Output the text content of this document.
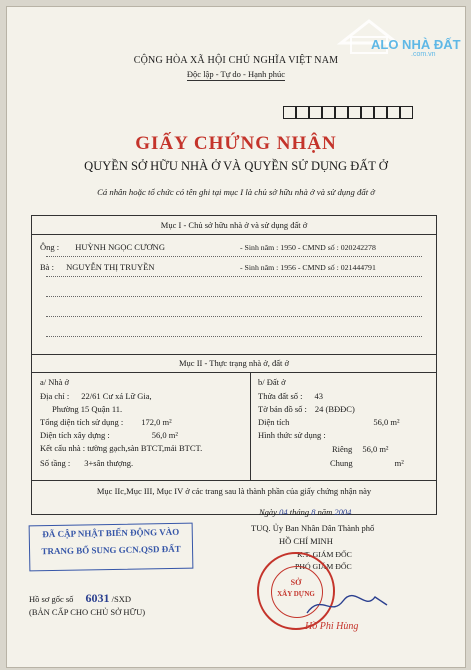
ALO NHÀ ĐẤT
.com.vn
CỘNG HÒA XÃ HỘI CHỦ NGHĨA VIỆT NAM
Độc lập - Tự do - Hạnh phúc
GIẤY CHỨNG NHẬN
QUYỀN SỞ HỮU NHÀ Ở VÀ QUYỀN SỬ DỤNG ĐẤT Ở
Cá nhân hoặc tổ chức có tên ghi tại mục I là chủ sở hữu nhà ở và sử dụng đất ở
Mục I - Chủ sở hữu nhà ở và sử dụng đất ở
Ông : HUỲNH NGỌC CƯƠNG	- Sinh năm : 1950 - CMND số : 020242278
Bà : NGUYỄN THỊ TRUYỀN	- Sinh năm : 1956 - CMND số : 021444791
Mục II - Thực trạng nhà ở, đất ở
a/ Nhà ở
Địa chỉ : 22/61 Cư xá Lữ Gia,
Phường 15 Quận 11.
Tổng diện tích sử dụng : 172,0 m²
Diện tích xây dựng :	56,0 m²
Kết cấu nhà : tường gạch,sàn BTCT,mái BTCT.
Số tầng : 3+sân thượng.
b/ Đất ở
Thửa đất số : 43
Tờ bản đồ số : 24 (BĐĐC)
Diện tích	56,0 m²
Hình thức sử dụng :
Riêng 56,0 m²
Chung	m²
Mục IIc,Mục III, Mục IV ở các trang sau là thành phần của giấy chứng nhận này
Ngày 04 tháng 8 năm 2004
TUQ. Ủy Ban Nhân Dân Thành phố
HỒ CHÍ MINH
K.T. GIÁM ĐỐC
PHÓ GIÁM ĐỐC
SỞ
XÂY DỰNG
Hồ Phi Hùng
ĐÃ CẬP NHẬT BIẾN ĐỘNG VÀO
TRANG BỔ SUNG GCN.QSD ĐẤT
Hồ sơ gốc số 6031 /SXD
(BẢN CẤP CHO CHỦ SỞ HỮU)
